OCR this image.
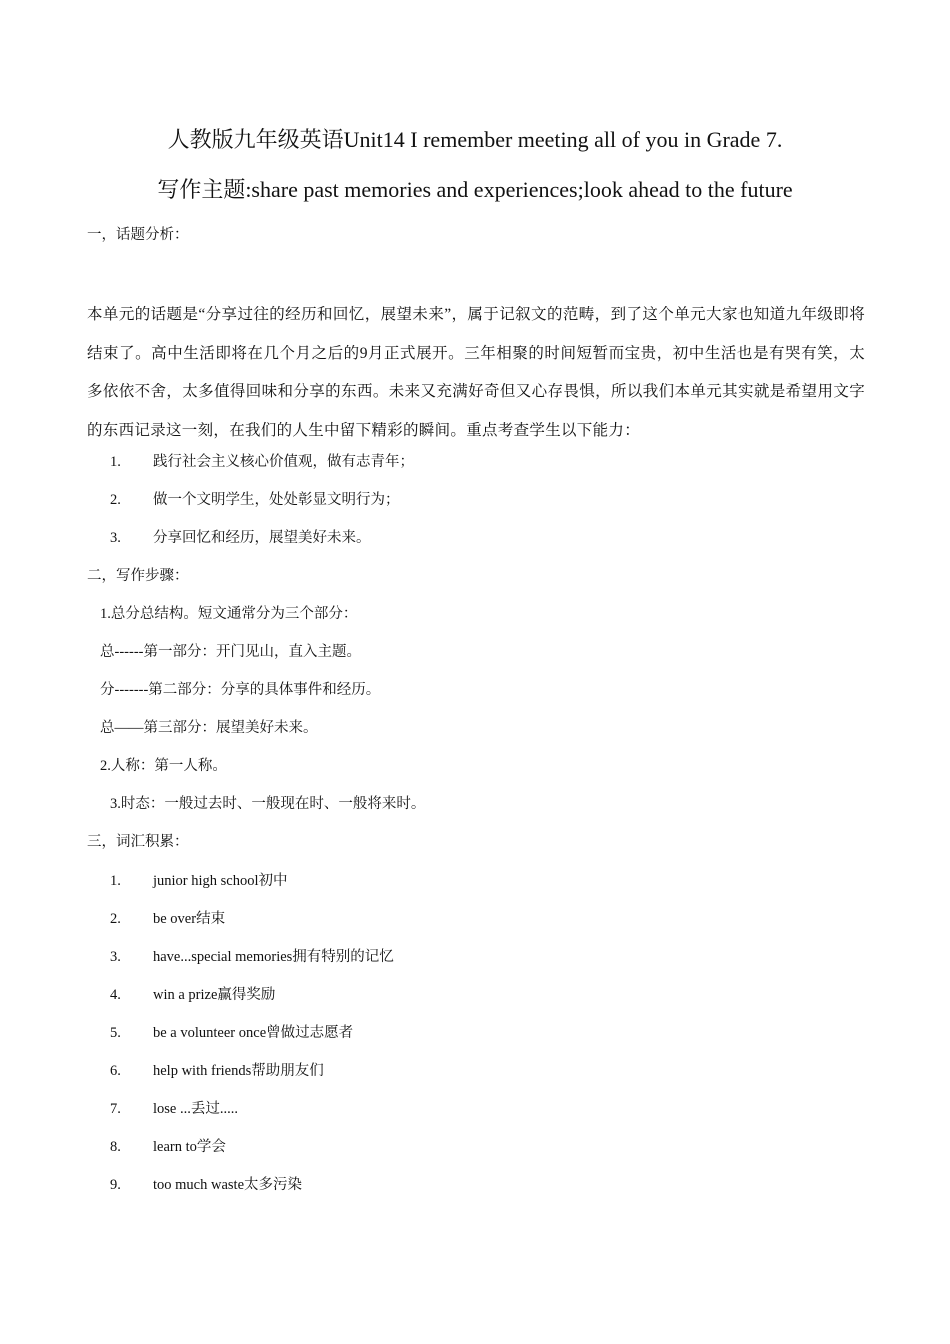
人教版九年级英语Unit14 I remember meeting all of you in Grade 7.
写作主题:share past memories and experiences;look ahead to the future
一，话题分析：
本单元的话题是“分享过往的经历和回忆，展望未来”，属于记叙文的范畴，到了这个单元大家也知道九年级即将结束了。高中生活即将在几个月之后的9月正式展开。三年相聚的时间短暂而宝贵，初中生活也是有哭有笑，太多依依不舍，太多值得回味和分享的东西。未来又充满好奇但又心存畏惧，所以我们本单元其实就是希望用文字的东西记录这一刻，在我们的人生中留下精彩的瞬间。重点考查学生以下能力：
1. 践行社会主义核心价值观，做有志青年；
2. 做一个文明学生，处处彰显文明行为；
3. 分享回忆和经历，展望美好未来。
二，写作步骤：
1.总分总结构。短文通常分为三个部分：
总------第一部分：开门见山，直入主题。
分-------第二部分：分享的具体事件和经历。
总——第三部分：展望美好未来。
2.人称：第一人称。
3.时态：一般过去时、一般现在时、一般将来时。
三，词汇积累：
1. junior high school初中
2. be over结束
3. have...special memories拥有特别的记忆
4. win a prize赢得奖励
5. be a volunteer once曾做过志愿者
6. help with friends帮助朋友们
7. lose ...丢过.....
8. learn to学会
9. too much waste太多污染
